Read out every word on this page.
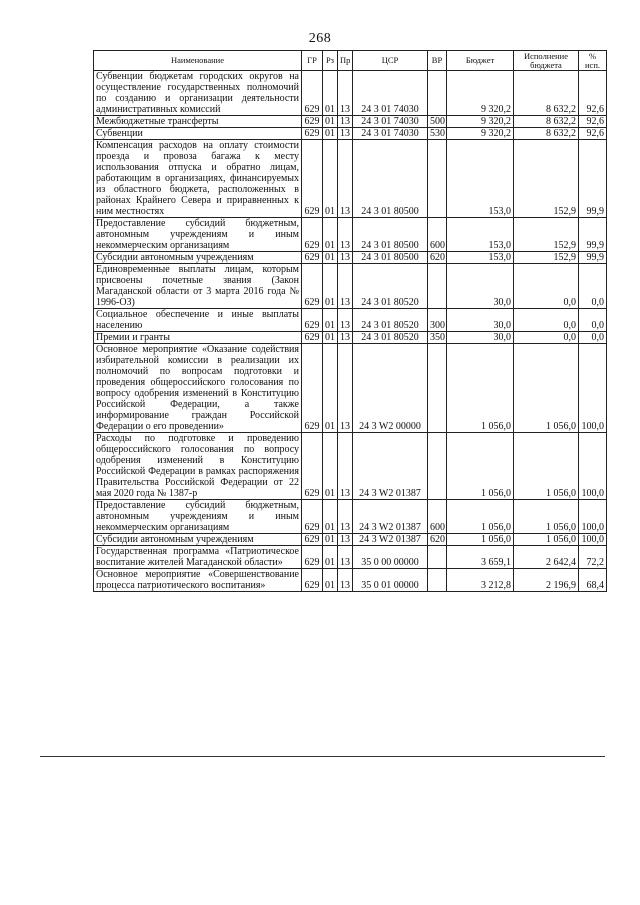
268
Наименование	ГР	Рз	Пр	ЦСР	ВР	Бюджет	Исполнение бюджета	% исп.
Субвенции бюджетам городских округов на осуществление государственных полномочий по созданию и организации деятельности административных комиссий	629	01	13	24 3 01 74030		9 320,2	8 632,2	92,6
Межбюджетные трансферты	629	01	13	24 3 01 74030	500	9 320,2	8 632,2	92,6
Субвенции	629	01	13	24 3 01 74030	530	9 320,2	8 632,2	92,6
Компенсация расходов на оплату стоимости проезда и провоза багажа к месту использования отпуска и обратно лицам, работающим в организациях, финансируемых из областного бюджета, расположенных в районах Крайнего Севера и приравненных к ним местностях	629	01	13	24 3 01 80500		153,0	152,9	99,9
Предоставление субсидий бюджетным, автономным учреждениям и иным некоммерческим организациям	629	01	13	24 3 01 80500	600	153,0	152,9	99,9
Субсидии автономным учреждениям	629	01	13	24 3 01 80500	620	153,0	152,9	99,9
Единовременные выплаты лицам, которым присвоены почетные звания (Закон Магаданской области от 3 марта 2016 года № 1996-ОЗ)	629	01	13	24 3 01 80520		30,0	0,0	0,0
Социальное обеспечение и иные выплаты населению	629	01	13	24 3 01 80520	300	30,0	0,0	0,0
Премии и гранты	629	01	13	24 3 01 80520	350	30,0	0,0	0,0
Основное мероприятие «Оказание содействия избирательной комиссии в реализации их полномочий по вопросам подготовки и проведения общероссийского голосования по вопросу одобрения изменений в Конституцию Российской Федерации, а также информирование граждан Российской Федерации о его проведении»	629	01	13	24 3 W2 00000		1 056,0	1 056,0	100,0
Расходы по подготовке и проведению общероссийского голосования по вопросу одобрения изменений в Конституцию Российской Федерации в рамках распоряжения Правительства Российской Федерации от 22 мая 2020 года № 1387-р	629	01	13	24 3 W2 01387		1 056,0	1 056,0	100,0
Предоставление субсидий бюджетным, автономным учреждениям и иным некоммерческим организациям	629	01	13	24 3 W2 01387	600	1 056,0	1 056,0	100,0
Субсидии автономным учреждениям	629	01	13	24 3 W2 01387	620	1 056,0	1 056,0	100,0
Государственная программа «Патриотическое воспитание жителей Магаданской области»	629	01	13	35 0 00 00000		3 659,1	2 642,4	72,2
Основное мероприятие «Совершенствование процесса патриотического воспитания»	629	01	13	35 0 01 00000		3 212,8	2 196,9	68,4
